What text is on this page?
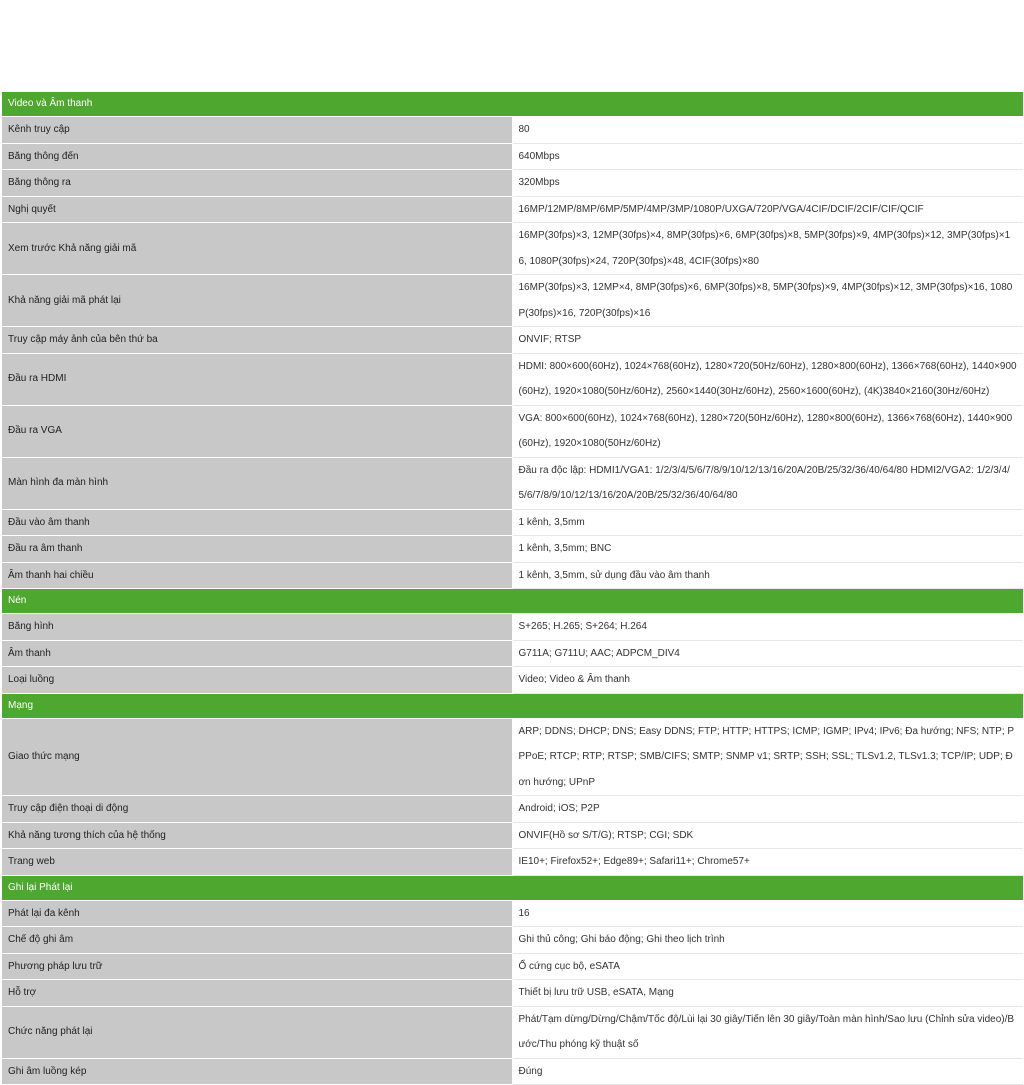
Video và Âm thanh	
Kênh truy cập	80
Băng thông đến	640Mbps
Băng thông ra	320Mbps
Nghị quyết	16MP/12MP/8MP/6MP/5MP/4MP/3MP/1080P/UXGA/720P/VGA/4CIF/DCIF/2CIF/CIF/QCIF
Xem trước Khả năng giải mã	16MP(30fps)×3, 12MP(30fps)×4, 8MP(30fps)×6, 6MP(30fps)×8, 5MP(30fps)×9, 4MP(30fps)×12, 3MP(30fps)×16, 1080P(30fps)×24, 720P(30fps)×48, 4CIF(30fps)×80
Khả năng giải mã phát lại	16MP(30fps)×3, 12MP×4, 8MP(30fps)×6, 6MP(30fps)×8, 5MP(30fps)×9, 4MP(30fps)×12, 3MP(30fps)×16, 1080P(30fps)×16, 720P(30fps)×16
Truy cập máy ảnh của bên thứ ba	ONVIF; RTSP
Đầu ra HDMI	HDMI: 800×600(60Hz), 1024×768(60Hz), 1280×720(50Hz/60Hz), 1280×800(60Hz), 1366×768(60Hz), 1440×900(60Hz), 1920×1080(50Hz/60Hz), 2560×1440(30Hz/60Hz), 2560×1600(60Hz), (4K)3840×2160(30Hz/60Hz)
Đầu ra VGA	VGA: 800×600(60Hz), 1024×768(60Hz), 1280×720(50Hz/60Hz), 1280×800(60Hz), 1366×768(60Hz), 1440×900(60Hz), 1920×1080(50Hz/60Hz)
Màn hình đa màn hình	Đầu ra độc lập: HDMI1/VGA1: 1/2/3/4/5/6/7/8/9/10/12/13/16/20A/20B/25/32/36/40/64/80 HDMI2/VGA2: 1/2/3/4/5/6/7/8/9/10/12/13/16/20A/20B/25/32/36/40/64/80
Đầu vào âm thanh	1 kênh, 3,5mm
Đầu ra âm thanh	1 kênh, 3,5mm; BNC
Âm thanh hai chiều	1 kênh, 3,5mm, sử dụng đầu vào âm thanh
Nén	
Băng hình	S+265; H.265; S+264; H.264
Âm thanh	G711A; G711U; AAC; ADPCM_DIV4
Loại luồng	Video; Video & Âm thanh
Mạng	
Giao thức mạng	ARP; DDNS; DHCP; DNS; Easy DDNS; FTP; HTTP; HTTPS; ICMP; IGMP; IPv4; IPv6; Đa hướng; NFS; NTP; PPPoE; RTCP; RTP; RTSP; SMB/CIFS; SMTP; SNMP v1; SRTP; SSH; SSL; TLSv1.2, TLSv1.3; TCP/IP; UDP; Đơn hướng; UPnP
Truy cập điện thoại di động	Android; iOS; P2P
Khả năng tương thích của hệ thống	ONVIF(Hồ sơ S/T/G); RTSP; CGI; SDK
Trang web	IE10+; Firefox52+; Edge89+; Safari11+; Chrome57+
Ghi lại Phát lại	
Phát lại đa kênh	16
Chế độ ghi âm	Ghi thủ công; Ghi báo động; Ghi theo lịch trình
Phương pháp lưu trữ	Ổ cứng cục bộ, eSATA
Hỗ trợ	Thiết bị lưu trữ USB, eSATA, Mạng
Chức năng phát lại	Phát/Tạm dừng/Dừng/Chậm/Tốc độ/Lùi lại 30 giây/Tiến lên 30 giây/Toàn màn hình/Sao lưu (Chỉnh sửa video)/Bước/Thu phóng kỹ thuật số
Ghi âm luồng kép	Đúng
